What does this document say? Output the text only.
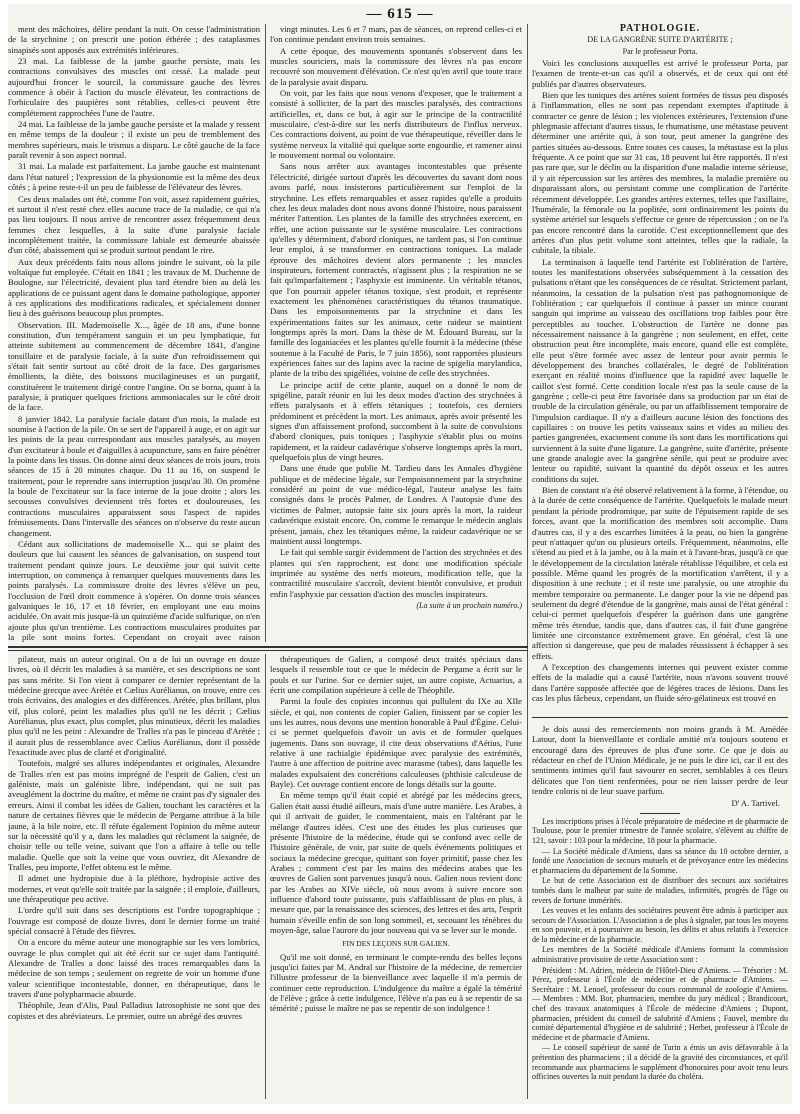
— 615 —

ment des mâchoires, délire pendant la nuit. On cesse l'administration de la strychnine ; on prescrit une potion éthérée ; des cataplasmes sinapisés sont apposés aux extrémités inférieures.

23 mai. La faiblesse de la jambe gauche persiste, mais les contractions convulsives des muscles ont cessé. La malade peut aujourd'hui froncer le sourcil, la commissure gauche des lèvres commence à obéir à l'action du muscle élévateur, les contractions de l'orbiculaire des paupières sont rétablies, celles-ci peuvent être complétement rapprochées l'une de l'autre.

24 mai. La faiblesse de la jambe gauche persiste et la malade y ressent en même temps de la douleur ; il existe un peu de tremblement des membres supérieurs, mais le trismus a disparu. Le côté gauche de la face paraît revenir à son aspect normal.

31 mai. La malade est parfaitement. La jambe gauche est maintenant dans l'état naturel ; l'expression de la physionomie est la même des deux côtés ; à peine reste-t-il un peu de faiblesse de l'élévateur des lèvres.

Ces deux malades ont été, comme l'on voit, assez rapidement guéries, et surtout il n'est resté chez elles aucune trace de la maladie, ce qui n'a pas lieu toujours. Il nous arrive de rencontrer assez fréquemment deux femmes chez lesquelles, à la suite d'une paralysie faciale incomplétement traitée, la commissure labiale est demeurée abaissée d'un côté, abaissement qui se produit surtout pendant le rire.

Aux deux précédents faits nous allons joindre le suivant, où la pile voltaïque fut employée. C'était en 1841 ; les travaux de M. Duchenne de Boulogne, sur l'électricité, devaient plus tard étendre bien au delà les applications de ce puissant agent dans le domaine pathologique, apporter à ces applications des modifications radicales, et spécialement donner lieu à des guérisons beaucoup plus promptes.

Observation. III. Mademoiselle X..., âgée de 18 ans, d'une bonne constitution, d'un tempérament sanguin et un peu lymphatique, fut atteinte subitement au commencement de décembre 1841, d'angine tonsillaire et de paralysie faciale, à la suite d'un refroidissement qui s'était fait sentir surtout au côté droit de la face. Des gargarismes émollients, la diète, des boissons mucilagineuses et un purgatif, constituèrent le traitement dirigé contre l'angine. On se borna, quant à la paralysie, à pratiquer quelques frictions ammoniacales sur le côté droit de la face.

8 janvier 1842. La paralysie faciale datant d'un mois, la malade est soumise à l'action de la pile. On se sert de l'appareil à auge, et on agit sur les points de la peau correspondant aux muscles paralysés, au moyen d'un excitateur à boule et d'aiguilles à acupuncture, sans en faire pénétrer la pointe dans les tissus. On donne ainsi deux séances de trois jours, trois séances de 15 à 20 minutes chaque. Du 11 au 16, on suspend le traitement, pour le reprendre sans interruption jusqu'au 30. On promène la boule de l'excitateur sur la face interne de la joue droite ; alors les secousses convulsives deviennent très fortes et douloureuses, les contractions musculaires apparaissent sous l'aspect de rapides frémissements. Dans l'intervalle des séances on n'observe du reste aucun changement.

Cédant aux sollicitations de mademoiselle X... qui se plaint des douleurs que lui causent les séances de galvanisation, on suspend tout traitement pendant quinze jours. Le deuxième jour qui suivit cette interruption, on commença à remarquer quelques mouvements dans les points paralysés. La commissure droite des lèvres s'élève un peu, l'occlusion de l'œil droit commence à s'opérer. On donne trois séances galvaniques le 16, 17 et 18 février, en employant une eau moins acidulée. On avait mis jusque-là un quinzième d'acide sulfurique, on n'en ajoute plus qu'un trentième. Les contractions musculaires produites par la pile sont moins fortes. Cependant on croyait avec raison

vingt minutes. Les 6 et 7 mars, pas de séances, on reprend celles-ci et l'on continue pendant environ trois semaines.

A cette époque, des mouvements spontanés s'observent dans les muscles souriciers, mais la commissure des lèvres n'a pas encore recouvré son mouvement d'élévation. Ce n'est qu'en avril que toute trace de la paralysie avait disparu.

On voit, par les faits que nous venons d'exposer, que le traitement a consisté à solliciter, de la part des muscles paralysés, des contractions artificielles, et, dans ce but, à agir sur le principe de la contractilité musculaire, c'est-à-dire sur les nerfs distributeurs de l'influx nerveux. Ces contractions doivent, au point de vue thérapeutique, réveiller dans le système nerveux la vitalité qui quelque sorte engourdie, et ramener ainsi le mouvement normal ou volontaire.

Sans nous arrêter aux avantages incontestables que présente l'électricité, dirigée surtout d'après les découvertes du savant dont nous avons parlé, nous insisterons particulièrement sur l'emploi de la strychnine. Les effets remarquables et assez rapides qu'elle a produits chez les deux malades dont nous avons donné l'histoire, nous paraissent mériter l'attention. Les plantes de la famille des strychnées exercent, en effet, une action puissante sur le système musculaire. Les contractions qu'elles y déterminent, d'abord cloniques, ne tardent pas, si l'on continue leur emploi, à se transformer en contractions toniques. La malade éprouve des mâchoires devient alors permanente ; les muscles inspirateurs, fortement contractés, n'agissent plus ; la respiration ne se fait qu'imparfaitement ; l'asphyxie est imminente. Un véritable tétanos, que l'on pourrait appeler tétanos toxique, s'est produit, et représente exactement les phénomènes caractéristiques du tétanos traumatique. Dans les empoisonnements par la strychnine et dans les expérimentations faites sur les animaux, cette raideur se maintient longtemps après la mort. Dans la thèse de M. Édouard Bureau, sur la famille des loganiacées et les plantes qu'elle fournit à la médecine (thèse soutenue à la Faculté de Paris, le 7 juin 1856), sont rapportées plusieurs expériences faites sur des lapins avec la racine de spigelia marylandica, plante de la tribu des spigéliées, voisine de celle des strychnées.

Le principe actif de cette plante, auquel on a donné le nom de spigéline, paraît réunir en lui les deux modes d'action des strychnées à effets paralysants et à effets tétaniques ; toutefois, ces derniers prédominent et précèdent la mort. Les animaux, après avoir présenté les signes d'un affaissement profond, succombent à la suite de convulsions d'abord cloniques, puis toniques ; l'asphyxie s'établit plus ou moins rapidement, et la raideur cadavérique s'observe longtemps après la mort, quelquefois plus de vingt heures.

Dans une étude que publie M. Tardieu dans les Annales d'hygiène publique et de médecine légale, sur l'empoisonnement par la strychnine considéré au point de vue médico-légal, l'auteur analyse les faits consignés dans le procès Palmer, de Londres. A l'autopsie d'une des victimes de Palmer, autopsie faite six jours après la mort, la raideur cadavérique existait encore. On, comme le remarque le médecin anglais présent, jamais, chez les tétaniques même, la raideur cadavérique ne se maintient aussi longtemps.

Le fait qui semble surgir évidemment de l'action des strychnées et des plantes qui s'en rapprochent, est donc une modification spéciale imprimée au système des nerfs moteurs, modification telle, que la contractilité musculaire s'accroît, devient bientôt convulsive, et produit enfin l'asphyxie par cessation d'action des muscles inspirateurs.

(La suite à un prochain numéro.)

PATHOLOGIE.

DE LA GANGRÈNE SUITE D'ARTÉRITE ;

Par le professeur Porta.

Voici les conclusions auxquelles est arrivé le professeur Porta, par l'examen de trente-et-un cas qu'il a observés, et de ceux qui ont été publiés par d'autres observateurs.

Bien que les tuniques des artères soient formées de tissus peu disposés à l'inflammation, elles ne sont pas cependant exemptes d'aptitude à contracter ce genre de lésion ; les violences extérieures, l'extension d'une phlegmasie affectant d'autres tissus, le rhumatisme, une métastase peuvent déterminer une artérite qui, à son tour, peut amener la gangrène des parties situées au-dessous. Entre toutes ces causes, la métastase est la plus fréquente. A ce point que sur 31 cas, 18 peuvent lui être rapportés. Il n'est pas rare que, sur le déclin ou la disparition d'une maladie interne sérieuse, il y ait répercussion sur les artères des membres, la maladie première ou disparaissant alors, ou persistant comme une complication de l'artérite récemment développée. Les grandes artères externes, telles que l'axillaire, l'humérale, la fémorale ou la poplitée, sont ordinairement les points du système artériel sur lesquels s'effectue ce genre de répercussion ; on ne l'a pas encore rencontré dans la carotide. C'est exceptionnellement que des artères d'un plus petit volume sont atteintes, telles que la radiale, la cubitale, la tibiale.

La terminaison à laquelle tend l'artérite est l'oblitération de l'artère, toutes les manifestations observées subséquemment à la cessation des pulsations n'étant que les conséquences de ce résultat. Strictement parlant, néanmoins, la cessation de la pulsation n'est pas pathognomonique de l'oblitération ; car quelquefois il continue à passer un mince courant sanguin qui imprime au vaisseau des oscillations trop faibles pour être perceptibles au toucher. L'obstruction de l'artère ne donne pas nécessairement naissance à la gangrène ; non seulement, en effet, cette obstruction peut être incomplète, mais encore, quand elle est complète, elle peut s'être formée avec assez de lenteur pour avoir permis le développement des branches collatérales, le degré de l'oblitération exerçant en réalité moins d'influence que la rapidité avec laquelle le caillot s'est formé. Cette condition locale n'est pas la seule cause de la gangrène ; celle-ci peut être favorisée dans sa production par un état de trouble de la circulation générale, ou par un affaiblissement temporaire de l'impulsion cardiaque. Il n'y a d'ailleurs aucune lésion des fonctions des capillaires : on trouve les petits vaisseaux sains et vides au milieu des parties gangrenées, exactement comme ils sont dans les mortifications qui surviennent à la suite d'une ligature. La gangrène, suite d'artérite, présente une grande analogie avec la gangrène sénile, qui peut se produire avec lenteur ou rapidité, suivant la quantité du dépôt osseux et les autres conditions du sujet.

Bien de constant n'a été observé relativement à la forme, à l'étendue, ou à la durée de cette conséquence de l'artérite. Quelquefois le malade meurt pendant la période prodromique, par suite de l'épuisement rapide de ses forces, avant que la mortification des membres soit accomplie. Dans d'autres cas, il y a des escarrhes limitées à la peau, ou bien la gangrène peut n'attaquer qu'un ou plusieurs orteils. Fréquemment, néanmoins, elle s'étend au pied et à la jambe, ou à la main et à l'avant-bras, jusqu'à ce que le développement de la circulation latérale rétablisse l'équilibre, et cela est possible. Même quand les progrès de la mortification s'arrêtent, il y a disposition à une rechute ; et il reste une paralysie, ou une atrophie du membre temporaire ou permanente. Le danger pour la vie ne dépend pas seulement du degré d'étendue de la gangrène, mais aussi de l'état général : celui-ci permet quelquefois d'espérer la guérison dans une gangrène même très étendue, tandis que, dans d'autres cas, il fait d'une gangrène limitée une circonstance extrêmement grave. En général, c'est là une affection si dangereuse, que peu de malades réussissent à échapper à ses effets.

A l'exception des changements internes qui peuvent exister comme effets de la maladie qui a causé l'artérite, nous n'avons souvent trouvé dans l'artère supposée affectée que de légères traces de lésions. Dans les cas les plus fâcheux, cependant, un fluide séro-gélatineux est trouvé en

pilateur, mais un auteur original. On a de lui un ouvrage en douze livres, où il décrit les maladies à sa manière, et ses descriptions ne sont pas sans mérite. Si l'on vient à comparer ce dernier représentant de la médecine grecque avec Arétée et Cælius Aurélianus, on trouve, entre ces trois écrivains, des analogies et des différences. Arétée, plus brillant, plus vif, plus coloré, peint les maladies plus qu'il ne les décrit ; Cælius Aurélianus, plus exact, plus complet, plus minutieux, décrit les maladies plus qu'il ne les peint : Alexandre de Tralles n'a pas le pinceau d'Arétée ; il aurait plus de ressemblance avec Cælius Aurélianus, dont il possède l'exactitude avec plus de clarté et d'originalité.

Toutefois, malgré ses allures indépendantes et originales, Alexandre de Tralles n'en est pas moins imprégné de l'esprit de Galien, c'est un galéniste, mais un galéniste libre, indépendant, qui ne suit pas aveuglément la doctrine du maître, et même ne craint pas d'y signaler des erreurs. Ainsi il combat les idées de Galien, touchant les caractères et la nature de certaines fièvres que le médecin de Pergame attribue à la bile jaune, à la bile noire, etc. Il réfute également l'opinion du même auteur sur la nécessité qu'il y a, dans les maladies qui réclament la saignée, de choisir telle ou telle veine, suivant que l'on a affaire à telle ou telle maladie. Quelle que soit la veine que vous ouvriez, dit Alexandre de Tralles, peu importe, l'effet obtenu est le même.

Il admet une hydropisie due à la pléthore, hydropisie active des modernes, et veut qu'elle soit traitée par la saignée ; il emploie, d'ailleurs, une thérapeutique peu active.

L'ordre qu'il suit dans ses descriptions est l'ordre topographique ; l'ouvrage est composé de douze livres, dont le dernier forme un traité spécial consacré à l'étude des fièvres.

On a encore du même auteur une monographie sur les vers lombrics, ouvrage le plus complet qui ait été écrit sur ce sujet dans l'antiquité. Alexandre de Tralles a donc laissé des traces remarquables dans la médecine de son temps ; seulement on regrette de voir un homme d'une valeur scientifique incontestable, donner, en thérapeutique, dans le travers d'une polypharmacie absurde.

Théophile, Jean d'Alis, Paul Palladius Iatrosophiste ne sont que des copistes et des abréviateurs. Le premier, outre un abrégé des œuvres

thérapeutiques de Galien, a composé deux traités spéciaux dans lesquels il ressemble tout ce que le médecin de Pergame a écrit sur le pouls et sur l'urine. Sur ce dernier sujet, un autre copiste, Actuarius, a écrit une compilation supérieure à celle de Théophile.

Parmi la foule des copistes inconnus qui pullulent du IXe au XIIe siècle, et qui, non contents de copier Galien, finissent par se copier les uns les autres, nous devons une mention honorable à Paul d'Égine. Celui-ci se permet quelquefois d'avoir un avis et de formuler quelques jugements. Dans son ouvrage, il cite deux observations d'Aétius, l'une relative à une rachialgie épidémique avec paralysie des extrémités, l'autre à une affection de poitrine avec marasme (tabes), dans laquelle les malades expulsaient des concrétions calculeuses (phthisie calculeuse de Bayle). Cet ouvrage contient encore de longs détails sur la goutte.

En même temps qu'il était copié et abrégé par les médecins grecs, Galien était aussi étudié ailleurs, mais d'une autre manière. Les Arabes, à qui il arrivait de guider, le commentaient, mais en l'altérant par le mélange d'autres idées. C'est une des études les plus curieuses que présente l'histoire de la médecine, étude qui se confond avec celle de l'histoire générale, de voir, par suite de quels événements politiques et sociaux la médecine grecque, quittant son foyer primitif, passe chez les Arabes ; comment c'est par les mains des médecins arabes que les œuvres de Galien sont parvenues jusqu'à nous. Galien nous revient donc par les Arabes au XIVe siècle, où nous avons à suivre encore son influence d'abord toute puissante, puis s'affaiblissant de plus en plus, à mesure que, par la renaissance des sciences, des lettres et des arts, l'esprit humain s'éveille enfin de son long sommeil, et, secouant les ténèbres du moyen-âge, salue l'aurore du jour nouveau qui va se lever sur le monde.

FIN DES LEÇONS SUR GALIEN.

Qu'il me soit donné, en terminant le compte-rendu des belles leçons jusqu'ici faites par M. Andral sur l'histoire de la médecine, de remercier l'illustre professeur de la bienveillance avec laquelle il m'a permis de continuer cette reproduction. L'indulgence du maître a égalé la témérité de l'élève ; grâce à cette indulgence, l'élève n'a pas eu à se repentir de sa témérité ; puisse le maître ne pas se repentir de son indulgence !

Je dois aussi des remerciements non moins grands à M. Amédée Latour, dont la bienveillante et cordiale amitié m'a toujours soutenu et encouragé dans des épreuves de plus d'une sorte. Ce que je dois au rédacteur en chef de l'Union Médicale, je ne puis le dire ici, car il est des sentiments intimes qu'il faut savourer en secret, semblables à ces fleurs délicates que l'on tient renfermées, pour ne rien laisser perdre de leur tendre coloris ni de leur suave parfum.

D' A. Tartivel.

Les inscriptions prises à l'école préparatoire de médecine et de pharmacie de Toulouse, pour le premier trimestre de l'année scolaire, s'élèvent au chiffre de 121, savoir : 103 pour la médecine, 18 pour la pharmacie.

— La Société médicale d'Amiens, dans sa séance du 10 octobre dernier, a fondé une Association de secours mutuels et de prévoyance entre les médecins et pharmaciens du département de la Somme.

Le but de cette Association est de distribuer des secours aux sociétaires tombés dans le malheur par suite de maladies, infirmités, progrès de l'âge ou revers de fortune immérités.

Les veuves et les enfants des sociétaires peuvent être admis à participer aux secours de l'Association. L'Association a de plus à signaler, par tous les moyens en son pouvoir, et à poursuivre au besoin, les délits et abus relatifs à l'exercice de la médecine et de la pharmacie.

Les membres de la Société médicale d'Amiens formant la commission administrative provisoire de cette Association sont :

Président : M. Adrien, médecin de l'Hôtel-Dieu d'Amiens. — Trésorier : M. Pérez, professeur à l'École de médecine et de pharmacie d'Amiens. — Secrétaire : M. Lenoel, professeur du cours communal de zoologie d'Amiens. — Membres : MM. Bor, pharmacien, membre du jury médical ; Brandicourt, chef des travaux anatomiques à l'École de médecine d'Amiens ; Dupont, pharmacien, président du conseil de salubrité d'Amiens ; Fauvel, membre du comité départemental d'hygiène et de salubrité ; Herbet, professeur à l'École de médecine et de pharmacie d'Amiens.

— Le conseil supérieur de santé de Turin a émis un avis défavorable à la prétention des pharmaciens ; il a décidé de la gravité des circonstances, et qu'il recommande aux pharmaciens le supplément d'honoraires pour avoir tenu leurs officines ouvertes la nuit pendant la durée du choléra.
